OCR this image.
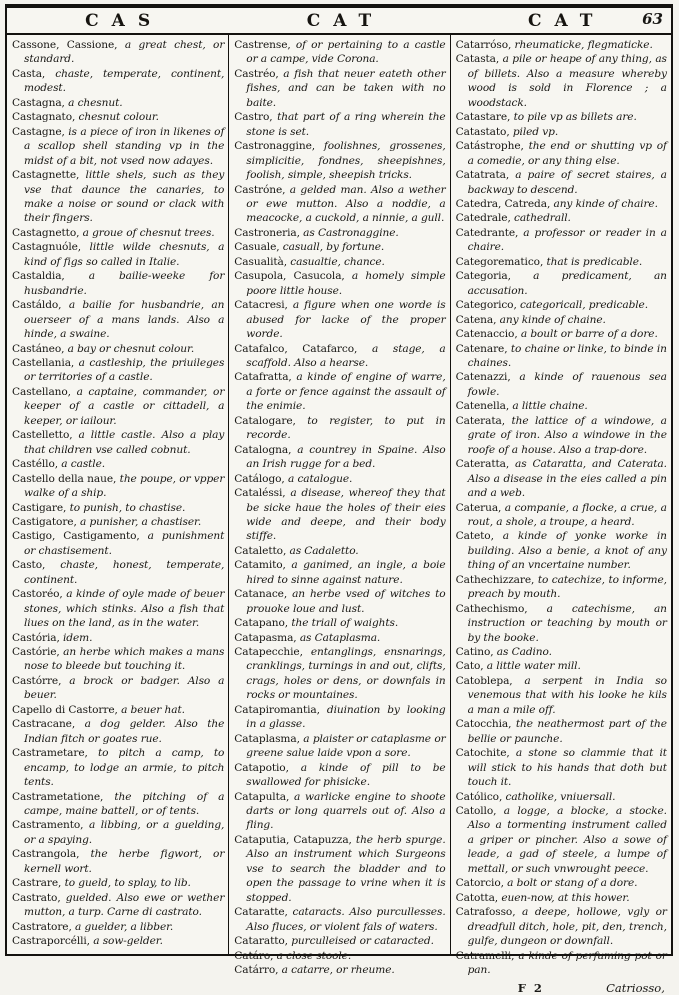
CAS	CAT	CAT	63

Cassone, Cassione, a great chest, or standard.

Casta, chaste, temperate, continent, modest.

Castagna, a chesnut.

Castagnato, chesnut colour.

Castagne, is a piece of iron in likenes of a scallop shell standing vp in the midst of a bit, not vsed now adayes.

Castagnette, little shels, such as they vse that daunce the canaries, to make a noise or sound or clack with their fingers.

Castagnetto, a groue of chesnut trees.

Castagnuóle, little wilde chesnuts, a kind of figs so called in Italie.

Castaldia, a bailie-weeke for husbandrie.

Castáldo, a bailie for husbandrie, an ouerseer of a mans lands. Also a hinde, a swaine.

Castáneo, a bay or chesnut colour.

Castellania, a castleship, the priuileges or territories of a castle.

Castellano, a captaine, commander, or keeper of a castle or cittadell, a keeper, or iailour.

Castelletto, a little castle. Also a play that children vse called cobnut.

Castéllo, a castle.

Castello della naue, the poupe, or vpper walke of a ship.

Castigare, to punish, to chastise.

Castigatore, a punisher, a chastiser.

Castigo, Castigamento, a punishment or chastisement.

Casto, chaste, honest, temperate, continent.

Castoréo, a kinde of oyle made of beuer stones, which stinks. Also a fish that liues on the land, as in the water.

Castória, idem.

Castórie, an herbe which makes a mans nose to bleede but touching it.

Castórre, a brock or badger. Also a beuer.

Capello di Castorre, a beuer hat.

Castracane, a dog gelder. Also the Indian fitch or goates rue.

Castrametare, to pitch a camp, to encamp, to lodge an armie, to pitch tents.

Castrametatione, the pitching of a campe, maine battell, or of tents.

Castramento, a libbing, or a guelding, or a spaying.

Castrangola, the herbe figwort, or kernell wort.

Castrare, to gueld, to splay, to lib.

Castrato, guelded. Also ewe or wether mutton, a turp. Carne di castrato.

Castratore, a guelder, a libber.

Castraporcélli, a sow-gelder.

Castrense, of or pertaining to a castle or a campe, vide Corona.

Castréo, a fish that neuer eateth other fishes, and can be taken with no baite.

Castro, that part of a ring wherein the stone is set.

Castronaggine, foolishnes, grossenes, simplicitie, fondnes, sheepishnes, foolish, simple, sheepish tricks.

Castróne, a gelded man. Also a wether or ewe mutton. Also a noddie, a meacocke, a cuckold, a ninnie, a gull.

Castroneria, as Castronaggine.

Casuale, casuall, by fortune.

Casualità, casualtie, chance.

Casupola, Casucola, a homely simple poore little house.

Catacresi, a figure when one worde is abused for lacke of the proper worde.

Catafalco, Catafarco, a stage, a scaffold. Also a hearse.

Catafratta, a kinde of engine of warre, a forte or fence against the assault of the enimie.

Catalogare, to register, to put in recorde.

Catalogna, a countrey in Spaine. Also an Irish rugge for a bed.

Catálogo, a catalogue.

Cataléssi, a disease, whereof they that be sicke haue the holes of their eies wide and deepe, and their body stiffe.

Cataletto, as Cadaletto.

Catamito, a ganimed, an ingle, a boie hired to sinne against nature.

Catanace, an herbe vsed of witches to prouoke loue and lust.

Catapano, the triall of waights.

Catapasma, as Cataplasma.

Catapecchie, entanglings, ensnarings, cranklings, turnings in and out, clifts, crags, holes or dens, or downfals in rocks or mountaines.

Catapiromantia, diuination by looking in a glasse.

Cataplasma, a plaister or cataplasme or greene salue laide vpon a sore.

Catapotio, a kinde of pill to be swallowed for phisicke.

Catapulta, a warlicke engine to shoote darts or long quarrels out of. Also a fling.

Cataputia, Catapuzza, the herb spurge. Also an instrument which Surgeons vse to search the bladder and to open the passage to vrine when it is stopped.

Cataratte, cataracts. Also purcullesses. Also fluces, or violent fals of waters.

Cataratto, purculleised or cataracted.

Catáro, a close stoole.

Catárro, a catarre, or rheume.

Catarróso, rheumaticke, flegmaticke.

Catasta, a pile or heape of any thing, as of billets. Also a measure whereby wood is sold in Florence ; a woodstack.

Catastare, to pile vp as billets are.

Catastato, piled vp.

Catástrophe, the end or shutting vp of a comedie, or any thing else.

Catatrata, a paire of secret staires, a backway to descend.

Catedra, Catreda, any kinde of chaire.

Catedrale, cathedrall.

Catedrante, a professor or reader in a chaire.

Categorematico, that is predicable.

Categoria, a predicament, an accusation.

Categorico, categoricall, predicable.

Catena, any kinde of chaine.

Catenaccio, a boult or barre of a dore.

Catenare, to chaine or linke, to binde in chaines.

Catenazzi, a kinde of rauenous sea fowle.

Catenella, a little chaine.

Caterata, the lattice of a windowe, a grate of iron. Also a windowe in the roofe of a house. Also a trap-dore.

Cateratta, as Cataratta, and Caterata. Also a disease in the eies called a pin and a web.

Caterua, a companie, a flocke, a crue, a rout, a shole, a troupe, a heard.

Cateto, a kinde of yonke worke in building. Also a benie, a knot of any thing of an vncertaine number.

Cathechizzare, to catechize, to informe, preach by mouth.

Cathechismo, a catechisme, an instruction or teaching by mouth or by the booke.

Catino, as Cadino.

Cato, a little water mill.

Catoblepa, a serpent in India so venemous that with his looke he kils a man a mile off.

Catocchia, the neathermost part of the bellie or paunche.

Catochite, a stone so clammie that it will stick to his hands that doth but touch it.

Católico, catholike, vniuersall.

Catollo, a logge, a blocke, a stocke. Also a tormenting instrument called a griper or pincher. Also a sowe of leade, a gad of steele, a lumpe of mettall, or such vnwrought peece.

Catorcio, a bolt or stang of a dore.

Catotta, euen-now, at this hower.

Catrafosso, a deepe, hollowe, vgly or dreadfull ditch, hole, pit, den, trench, gulfe, dungeon or downfall.

Catramelli, a kinde of perfuming pot or pan.

F 2	Catriosso,
